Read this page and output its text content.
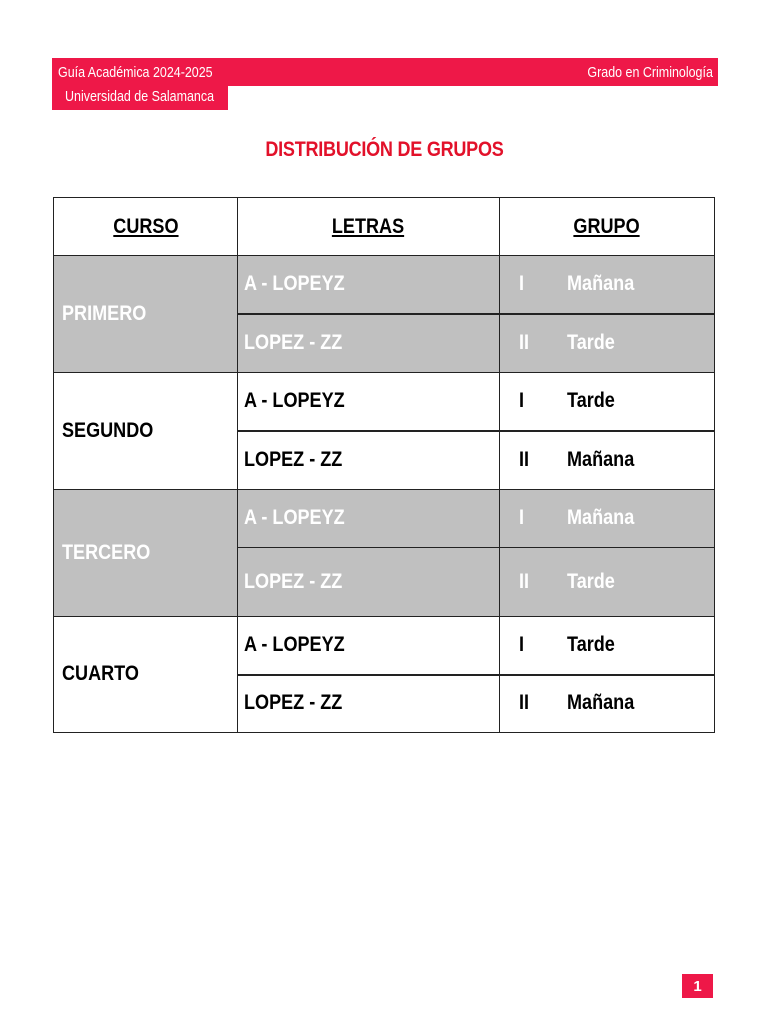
Guía Académica 2024-2025
Universidad de Salamanca
Grado en Criminología
DISTRIBUCIÓN DE GRUPOS
CURSO	LETRAS	GRUPO
PRIMERO
A - LOPEYZ	I Mañana
LOPEZ - ZZ	II Tarde
SEGUNDO
A - LOPEYZ	I Tarde
LOPEZ - ZZ	II Mañana
TERCERO
A - LOPEYZ	I Mañana
LOPEZ - ZZ	II Tarde
CUARTO
A - LOPEYZ	I Tarde
LOPEZ - ZZ	II Mañana
1
